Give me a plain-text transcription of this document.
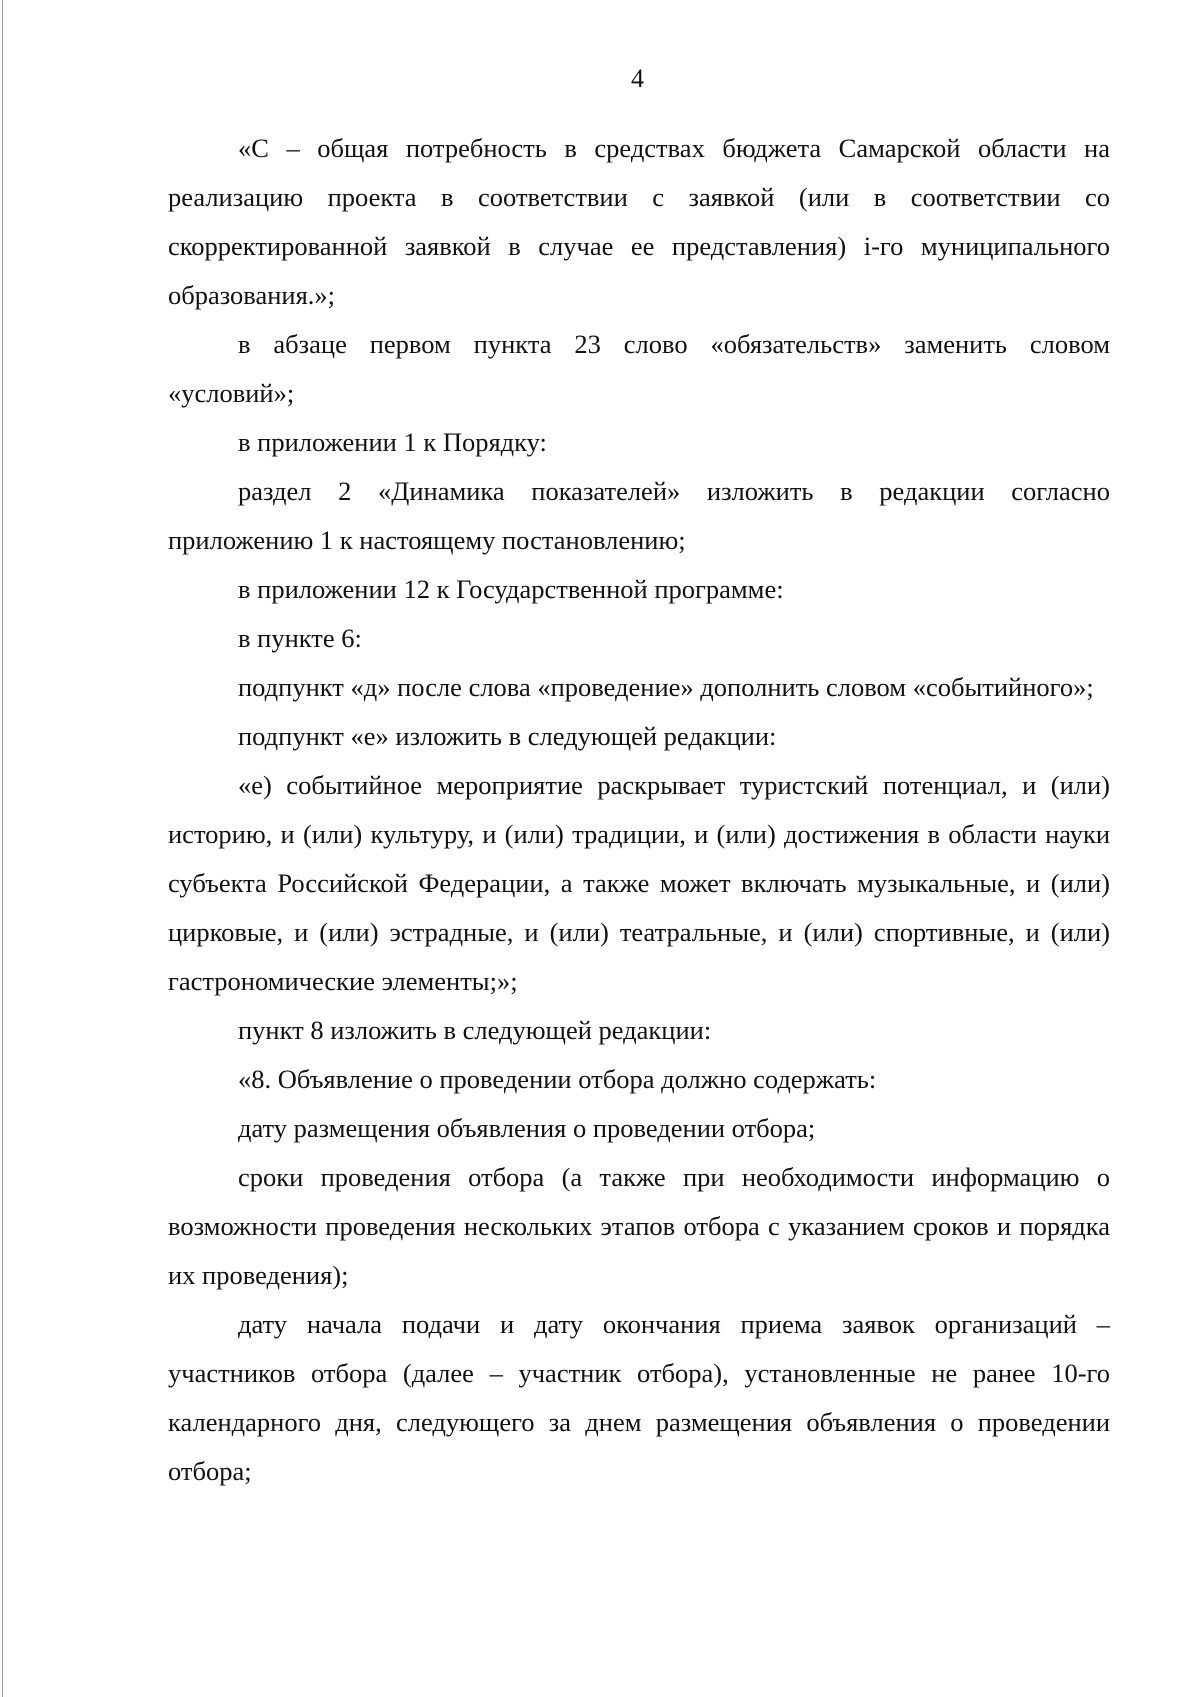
4

«С – общая потребность в средствах бюджета Самарской области на реализацию проекта в соответствии с заявкой (или в соответствии со скорректированной заявкой в случае ее представления) i-го муниципального образования.»;

в абзаце первом пункта 23 слово «обязательств» заменить словом «условий»;

в приложении 1 к Порядку:

раздел 2 «Динамика показателей» изложить в редакции согласно приложению 1 к настоящему постановлению;

в приложении 12 к Государственной программе:

в пункте 6:

подпункт «д» после слова «проведение» дополнить словом «событийного»;

подпункт «е» изложить в следующей редакции:

«е) событийное мероприятие раскрывает туристский потенциал, и (или) историю, и (или) культуру, и (или) традиции, и (или) достижения в области науки субъекта Российской Федерации, а также может включать музыкальные, и (или) цирковые, и (или) эстрадные, и (или) театральные, и (или) спортивные, и (или) гастрономические элементы;»;

пункт 8 изложить в следующей редакции:

«8. Объявление о проведении отбора должно содержать:

дату размещения объявления о проведении отбора;

сроки проведения отбора (а также при необходимости информацию о возможности проведения нескольких этапов отбора с указанием сроков и порядка их проведения);

дату начала подачи и дату окончания приема заявок организаций – участников отбора (далее – участник отбора), установленные не ранее 10-го календарного дня, следующего за днем размещения объявления о проведении отбора;
